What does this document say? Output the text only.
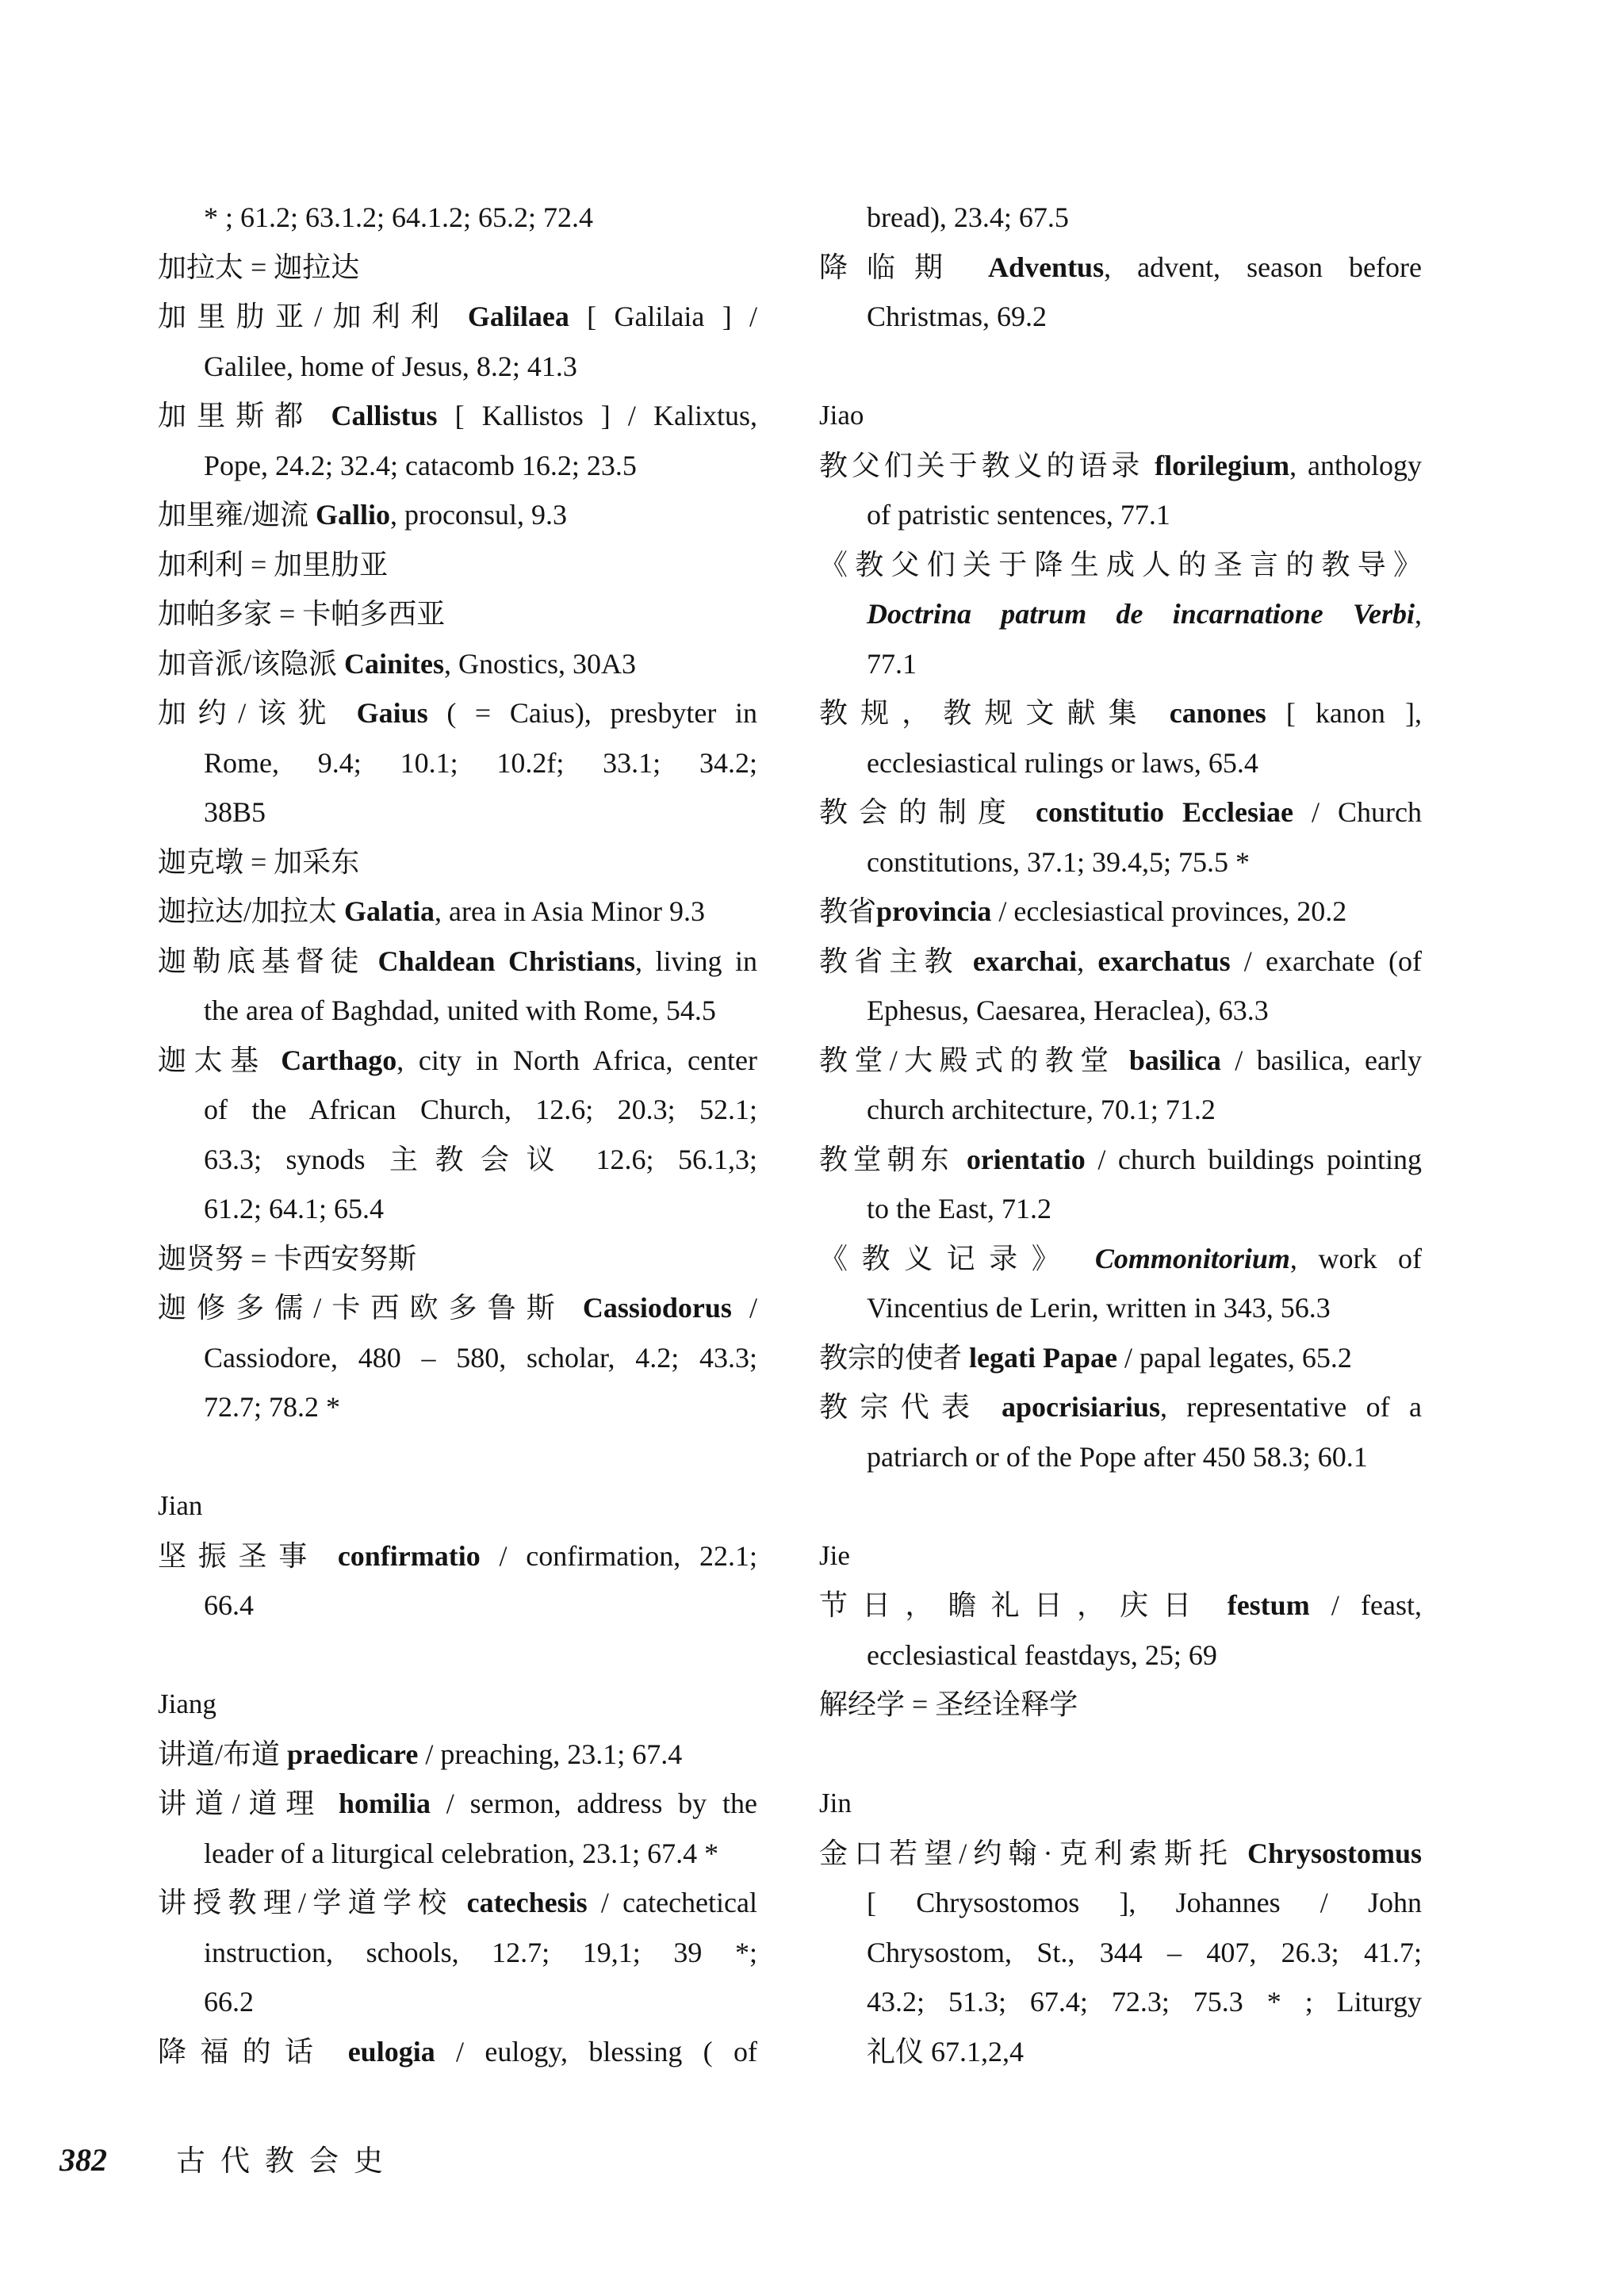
* ; 61.2; 63.1.2; 64.1.2; 65.2; 72.4
加拉太 = 迦拉达
加里肋亚/加利利 Galilaea [ Galilaia ] /
Galilee, home of Jesus, 8.2; 41.3
加里斯都 Callistus [ Kallistos ] / Kalixtus,
Pope, 24.2; 32.4; catacomb 16.2; 23.5
加里雍/迦流 Gallio, proconsul, 9.3
加利利 = 加里肋亚
加帕多家 = 卡帕多西亚
加音派/该隐派 Cainites, Gnostics, 30A3
加约/该犹 Gaius ( = Caius), presbyter in
Rome, 9.4; 10.1; 10.2f; 33.1; 34.2;
38B5
迦克墩 = 加采东
迦拉达/加拉太 Galatia, area in Asia Minor 9.3
迦勒底基督徒 Chaldean Christians, living in
the area of Baghdad, united with Rome, 54.5
迦太基 Carthago, city in North Africa, center
of the African Church, 12.6; 20.3; 52.1;
63.3; synods 主教会议 12.6; 56.1,3;
61.2; 64.1; 65.4
迦贤努 = 卡西安努斯
迦修多儒/卡西欧多鲁斯 Cassiodorus /
Cassiodore, 480 – 580, scholar, 4.2; 43.3;
72.7; 78.2 *
Jian
坚振圣事 confirmatio / confirmation, 22.1;
66.4
Jiang
讲道/布道 praedicare / preaching, 23.1; 67.4
讲道/道理 homilia / sermon, address by the
leader of a liturgical celebration, 23.1; 67.4 *
讲授教理/学道学校 catechesis / catechetical
instruction, schools, 12.7; 19,1; 39 *;
66.2
降福的话 eulogia / eulogy, blessing ( of
bread), 23.4; 67.5
降临期 Adventus, advent, season before
Christmas, 69.2
Jiao
教父们关于教义的语录 florilegium, anthology
of patristic sentences, 77.1
《教父们关于降生成人的圣言的教导》
Doctrina patrum de incarnatione Verbi,
77.1
教规，教规文献集 canones [ kanon ],
ecclesiastical rulings or laws, 65.4
教会的制度 constitutio Ecclesiae / Church
constitutions, 37.1; 39.4,5; 75.5 *
教省provincia / ecclesiastical provinces, 20.2
教省主教 exarchai, exarchatus / exarchate (of
Ephesus, Caesarea, Heraclea), 63.3
教堂/大殿式的教堂 basilica / basilica, early
church architecture, 70.1; 71.2
教堂朝东 orientatio / church buildings pointing
to the East, 71.2
《教义记录》 Commonitorium, work of
Vincentius de Lerin, written in 343, 56.3
教宗的使者 legati Papae / papal legates, 65.2
教宗代表 apocrisiarius, representative of a
patriarch or of the Pope after 450 58.3; 60.1
Jie
节日，瞻礼日，庆日 festum / feast,
ecclesiastical feastdays, 25; 69
解经学 = 圣经诠释学
Jin
金口若望/约翰·克利索斯托 Chrysostomus
[ Chrysostomos ], Johannes / John
Chrysostom, St., 344 – 407, 26.3; 41.7;
43.2; 51.3; 67.4; 72.3; 75.3 * ; Liturgy
礼仪 67.1,2,4
382	古代教会史
